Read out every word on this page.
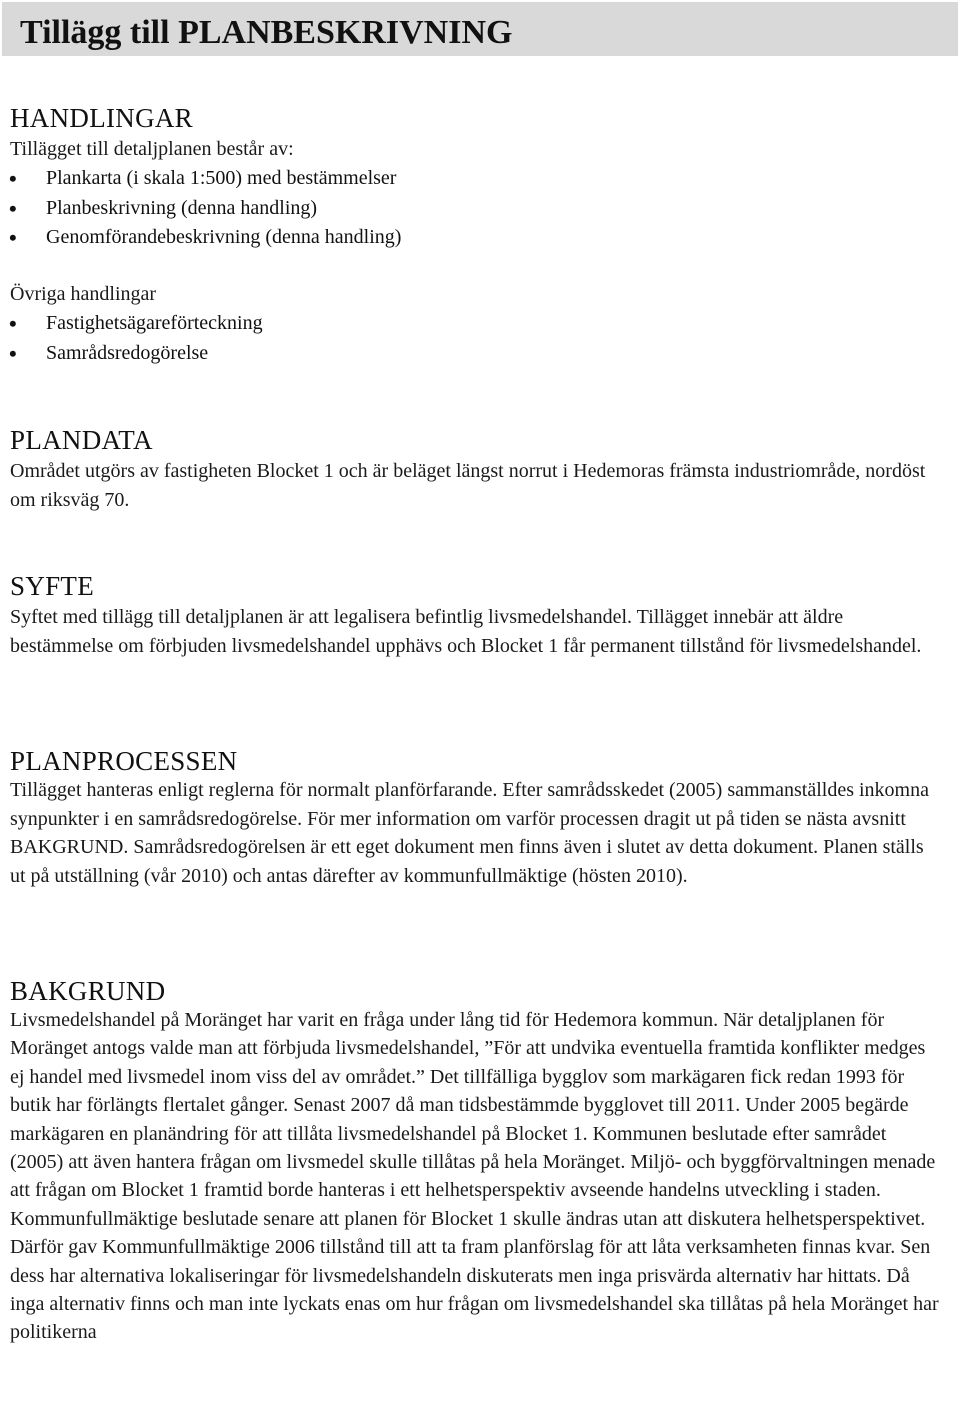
Tillägg till PLANBESKRIVNING
HANDLINGAR

Tillägget till detaljplanen består av:

• Plankarta (i skala 1:500) med bestämmelser
• Planbeskrivning (denna handling)
• Genomförandebeskrivning (denna handling)

Övriga handlingar

• Fastighetsägareförteckning
• Samrådsredogörelse
PLANDATA

Området utgörs av fastigheten Blocket 1 och är beläget längst norrut i Hedemoras främsta industriområde, nordöst om riksväg 70.

SYFTE

Syftet med tillägg till detaljplanen är att legalisera befintlig livsmedelshandel. Tillägget innebär att äldre bestämmelse om förbjuden livsmedelshandel upphävs och Blocket 1 får permanent tillstånd för livsmedelshandel.

PLANPROCESSEN

Tillägget hanteras enligt reglerna för normalt planförfarande. Efter samrådsskedet (2005) sammanställdes inkomna synpunkter i en samrådsredogörelse. För mer information om varför processen dragit ut på tiden se nästa avsnitt BAKGRUND. Samrådsredogörelsen är ett eget dokument men finns även i slutet av detta dokument. Planen ställs ut på utställning (vår 2010) och antas därefter av kommunfullmäktige (hösten 2010).

BAKGRUND

Livsmedelshandel på Moränget har varit en fråga under lång tid för Hedemora kommun. När detaljplanen för Moränget antogs valde man att förbjuda livsmedelshandel, ”För att undvika eventuella framtida konflikter medges ej handel med livsmedel inom viss del av området.” Det tillfälliga bygglov som markägaren fick redan 1993 för butik har förlängts flertalet gånger. Senast 2007 då man tidsbestämmde bygglovet till 2011. Under 2005 begärde markägaren en planändring för att tillåta livsmedelshandel på Blocket 1. Kommunen beslutade efter samrådet (2005) att även hantera frågan om livsmedel skulle tillåtas på hela Moränget. Miljö- och byggförvaltningen menade att frågan om Blocket 1 framtid borde hanteras i ett helhetsperspektiv avseende handelns utveckling i staden. Kommunfullmäktige beslutade senare att planen för Blocket 1 skulle ändras utan att diskutera helhetsperspektivet. Därför gav Kommunfullmäktige 2006 tillstånd till att ta fram planförslag för att låta verksamheten finnas kvar. Sen dess har alternativa lokaliseringar för livsmedelshandeln diskuterats men inga prisvärda alternativ har hittats. Då inga alternativ finns och man inte lyckats enas om hur frågan om livsmedelshandel ska tillåtas på hela Moränget har politikerna
